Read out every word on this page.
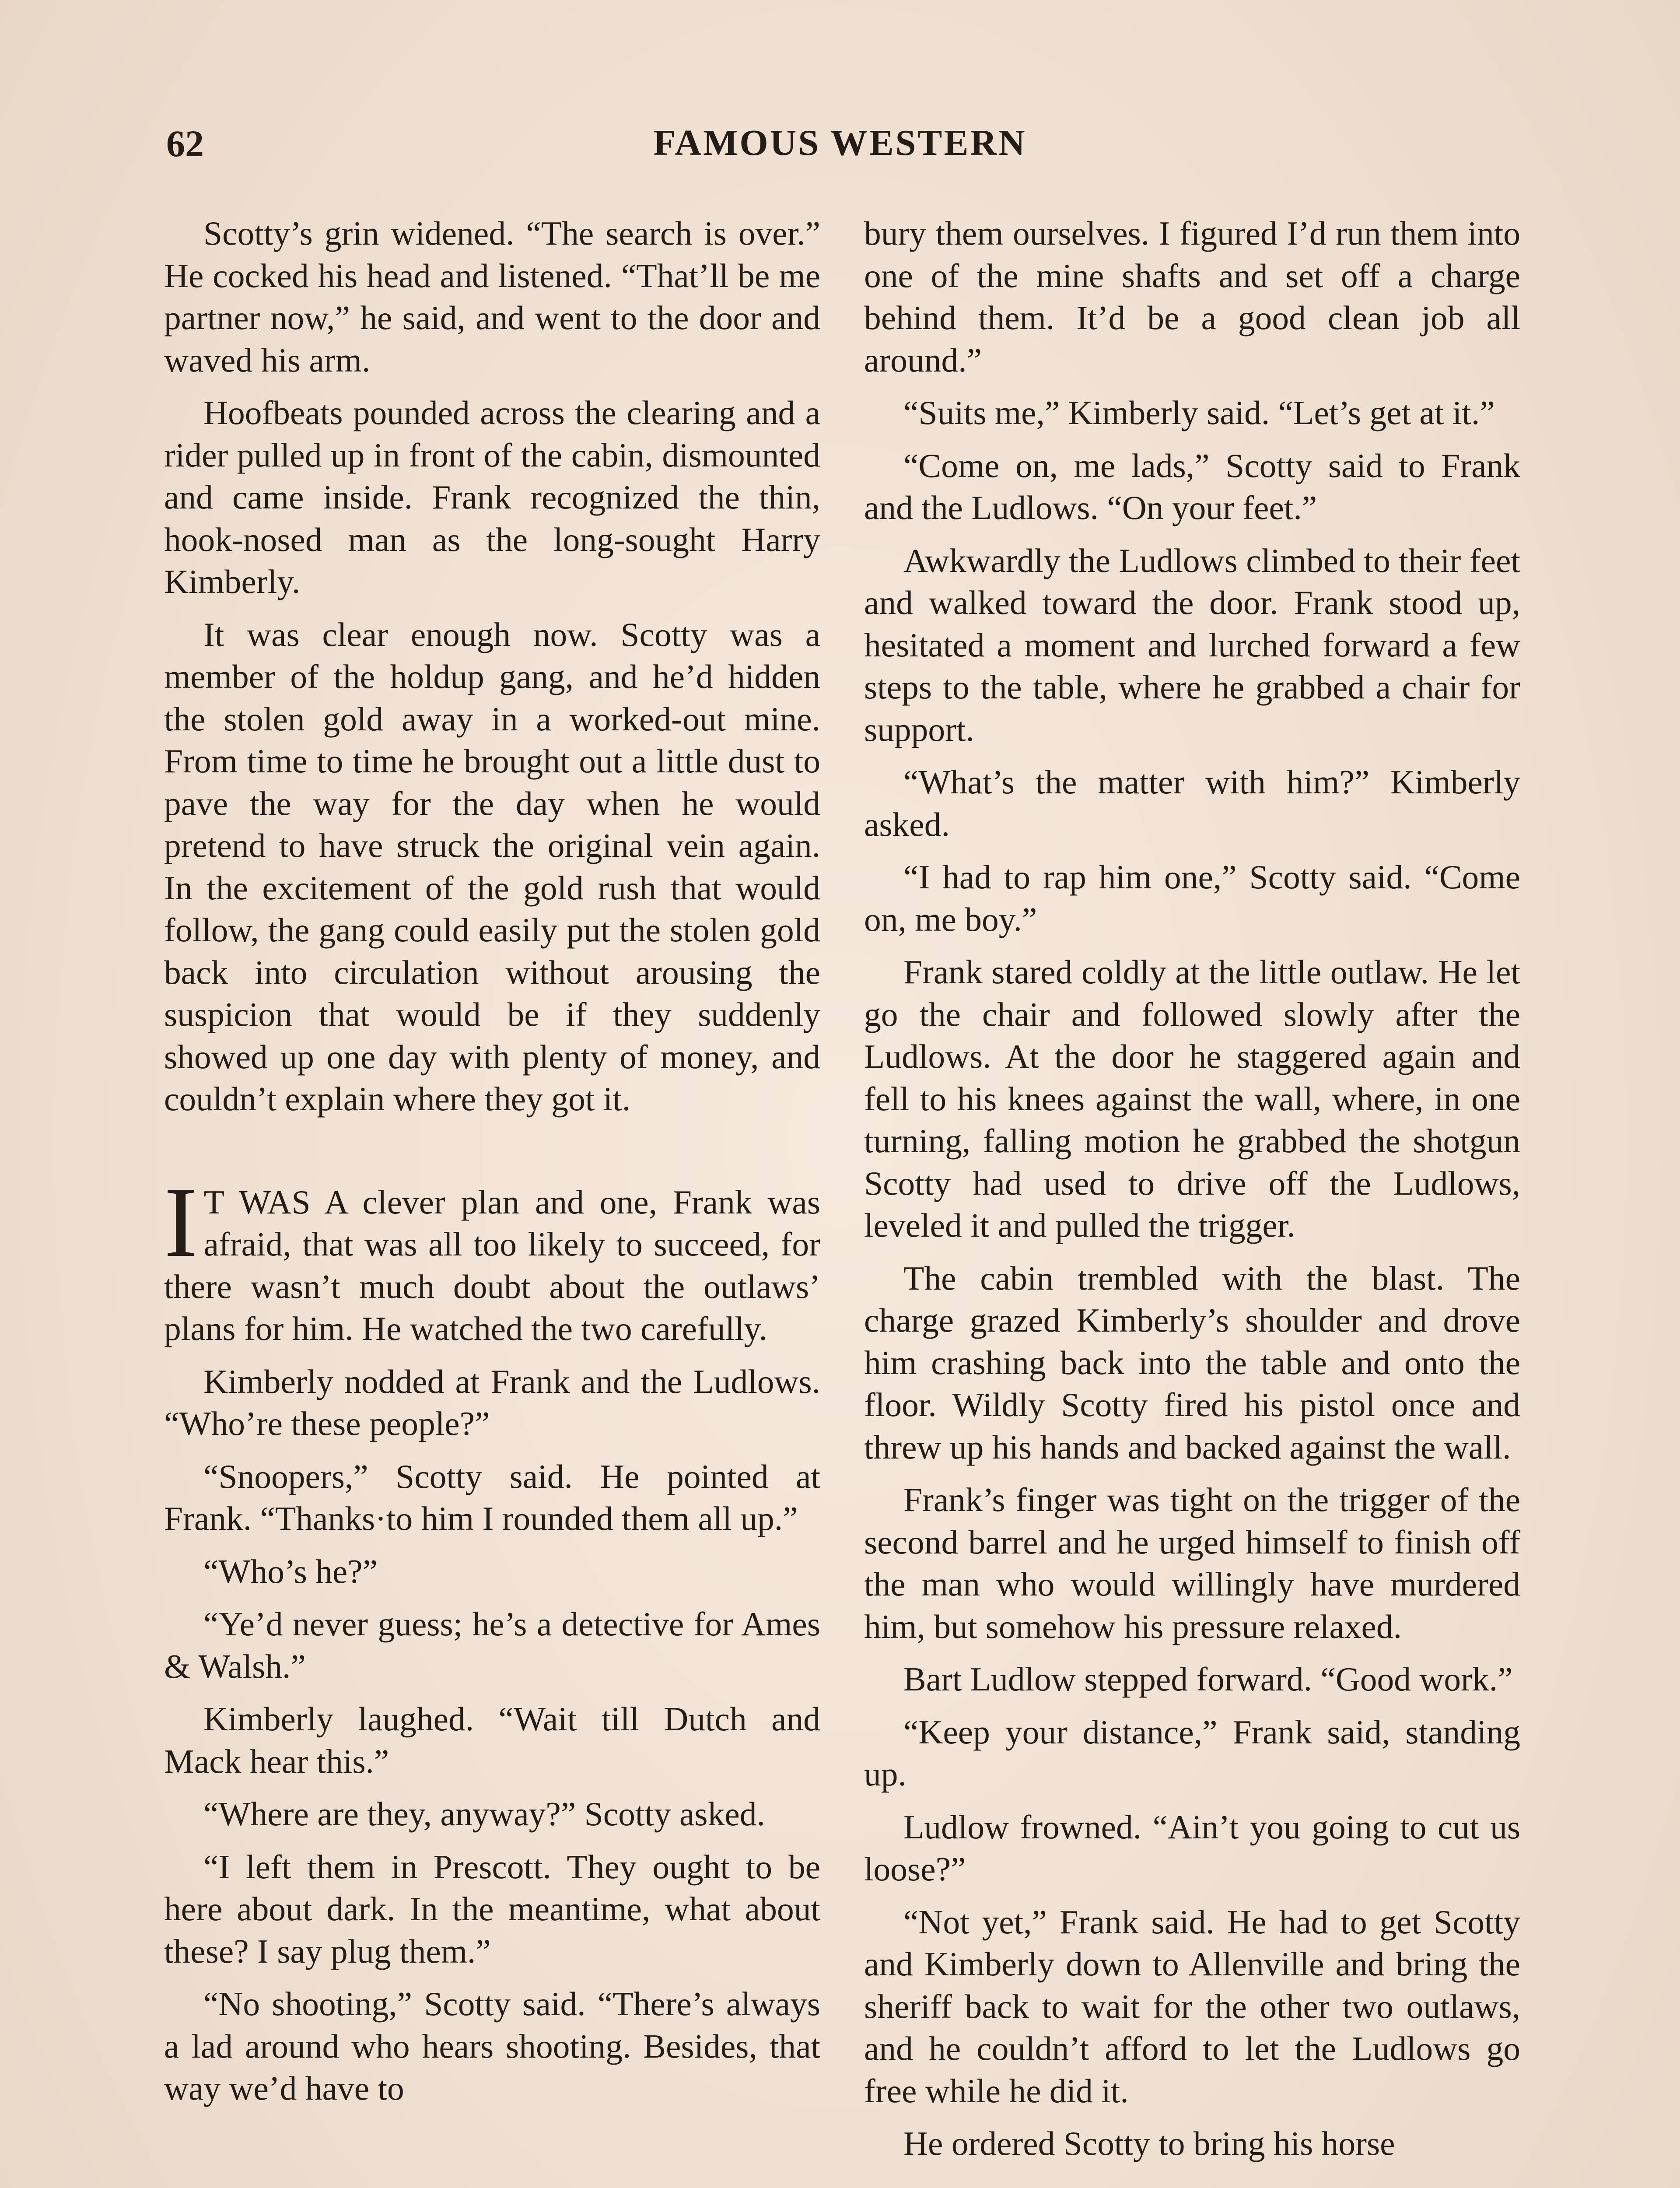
62	FAMOUS WESTERN

Scotty’s grin widened. “The search is over.” He cocked his head and listened. “That’ll be me partner now,” he said, and went to the door and waved his arm.

Hoofbeats pounded across the clearing and a rider pulled up in front of the cabin, dismounted and came inside. Frank recognized the thin, hook-nosed man as the long-sought Harry Kimberly.

It was clear enough now. Scotty was a member of the holdup gang, and he’d hidden the stolen gold away in a worked-out mine. From time to time he brought out a little dust to pave the way for the day when he would pretend to have struck the original vein again. In the excitement of the gold rush that would follow, the gang could easily put the stolen gold back into circulation without arousing the suspicion that would be if they suddenly showed up one day with plenty of money, and couldn’t explain where they got it.

I T WAS A clever plan and one, Frank was afraid, that was all too likely to succeed, for there wasn’t much doubt about the outlaws’ plans for him. He watched the two carefully.

Kimberly nodded at Frank and the Ludlows. “Who’re these people?”

“Snoopers,” Scotty said. He pointed at Frank. “Thanks·to him I rounded them all up.”

“Who’s he?”

“Ye’d never guess; he’s a detective for Ames & Walsh.”

Kimberly laughed. “Wait till Dutch and Mack hear this.”

“Where are they, anyway?” Scotty asked.

“I left them in Prescott. They ought to be here about dark. In the meantime, what about these? I say plug them.”

“No shooting,” Scotty said. “There’s always a lad around who hears shooting. Besides, that way we’d have to

bury them ourselves. I figured I’d run them into one of the mine shafts and set off a charge behind them. It’d be a good clean job all around.”

“Suits me,” Kimberly said. “Let’s get at it.”

“Come on, me lads,” Scotty said to Frank and the Ludlows. “On your feet.”

Awkwardly the Ludlows climbed to their feet and walked toward the door. Frank stood up, hesitated a moment and lurched forward a few steps to the table, where he grabbed a chair for support.

“What’s the matter with him?” Kimberly asked.

“I had to rap him one,” Scotty said. “Come on, me boy.”

Frank stared coldly at the little outlaw. He let go the chair and followed slowly after the Ludlows. At the door he staggered again and fell to his knees against the wall, where, in one turning, falling motion he grabbed the shotgun Scotty had used to drive off the Ludlows, leveled it and pulled the trigger.

The cabin trembled with the blast. The charge grazed Kimberly’s shoulder and drove him crashing back into the table and onto the floor. Wildly Scotty fired his pistol once and threw up his hands and backed against the wall.

Frank’s finger was tight on the trigger of the second barrel and he urged himself to finish off the man who would willingly have murdered him, but somehow his pressure relaxed.

Bart Ludlow stepped forward. “Good work.”

“Keep your distance,” Frank said, standing up.

Ludlow frowned. “Ain’t you going to cut us loose?”

“Not yet,” Frank said. He had to get Scotty and Kimberly down to Allenville and bring the sheriff back to wait for the other two outlaws, and he couldn’t afford to let the Ludlows go free while he did it.

He ordered Scotty to bring his horse
